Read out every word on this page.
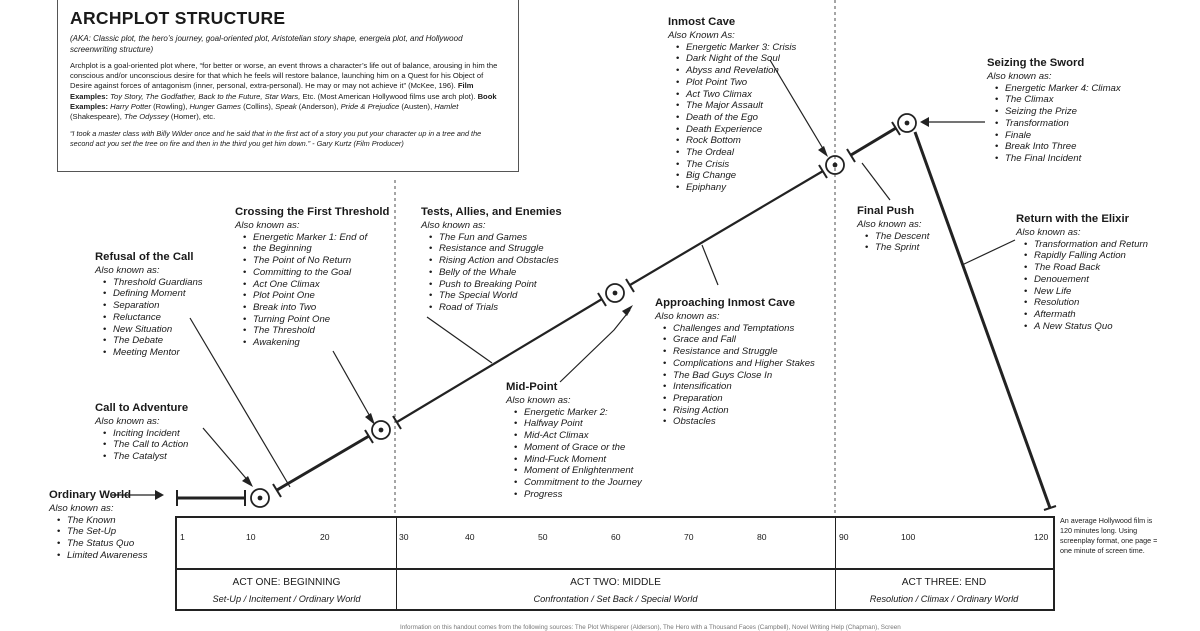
ARCHPLOT STRUCTURE
(AKA: Classic plot, the hero’s journey, goal-oriented plot, Aristotelian story shape, energeia plot, and Hollywood screenwriting structure)
Archplot is a goal-oriented plot where, “for better or worse, an event throws a character’s life out of balance, arousing in him the conscious and/or unconscious desire for that which he feels will restore balance, launching him on a Quest for his Object of Desire against forces of antagonism (inner, personal, extra-personal). He may or may not achieve it” (McKee, 196). Film Examples: Toy Story, The Godfather, Back to the Future, Star Wars, Etc. (Most American Hollywood films use arch plot). Book Examples: Harry Potter (Rowling), Hunger Games (Collins), Speak (Anderson), Pride & Prejudice (Austen), Hamlet (Shakespeare), The Odyssey (Homer), etc.
“I took a master class with Billy Wilder once and he said that in the first act of a story you put your character up in a tree and the second act you set the tree on fire and then in the third you get him down.” - Gary Kurtz (Film Producer)
Ordinary World
Also known as:
• The Known
• The Set-Up
• The Status Quo
• Limited Awareness
Call to Adventure
Also known as:
• Inciting Incident
• The Call to Action
• The Catalyst
Refusal of the Call
Also known as:
• Threshold Guardians
• Defining Moment
• Separation
• Reluctance
• New Situation
• The Debate
• Meeting Mentor
Crossing the First Threshold
Also known as:
• Energetic Marker 1: End of
• the Beginning
• The Point of No Return
• Committing to the Goal
• Act One Climax
• Plot Point One
• Break into Two
• Turning Point One
• The Threshold
• Awakening
Tests, Allies, and Enemies
Also known as:
• The Fun and Games
• Resistance and Struggle
• Rising Action and Obstacles
• Belly of the Whale
• Push to Breaking Point
• The Special World
• Road of Trials
Mid-Point
Also known as:
• Energetic Marker 2:
• Halfway Point
• Mid-Act Climax
• Moment of Grace or the
• Mind-Fuck Moment
• Moment of Enlightenment
• Commitment to the Journey
• Progress
Approaching Inmost Cave
Also known as:
• Challenges and Temptations
• Grace and Fall
• Resistance and Struggle
• Complications and Higher Stakes
• The Bad Guys Close In
• Intensification
• Preparation
• Rising Action
• Obstacles
Inmost Cave
Also Known As:
• Energetic Marker 3: Crisis
• Dark Night of the Soul
• Abyss and Revelation
• Plot Point Two
• Act Two Climax
• The Major Assault
• Death of the Ego
• Death Experience
• Rock Bottom
• The Ordeal
• The Crisis
• Big Change
• Epiphany
Final Push
Also known as:
• The Descent
• The Sprint
Seizing the Sword
Also known as:
• Energetic Marker 4: Climax
• The Climax
• Seizing the Prize
• Transformation
• Finale
• Break Into Three
• The Final Incident
Return with the Elixir
Also known as:
• Transformation and Return
• Rapidly Falling Action
• The Road Back
• Denouement
• New Life
• Resolution
• Aftermath
• A New Status Quo
1	10	20	30	40	50	60	70	80	90	100	120
ACT ONE: BEGINNING
Set-Up / Incitement / Ordinary World
ACT TWO: MIDDLE
Confrontation / Set Back / Special World
ACT THREE: END
Resolution / Climax / Ordinary World
An average Hollywood film is 120 minutes long. Using screenplay format, one page = one minute of screen time.
Information on this handout comes from the following sources: The Plot Whisperer (Alderson), The Hero with a Thousand Faces (Campbell), Novel Writing Help (Chapman), Screen
